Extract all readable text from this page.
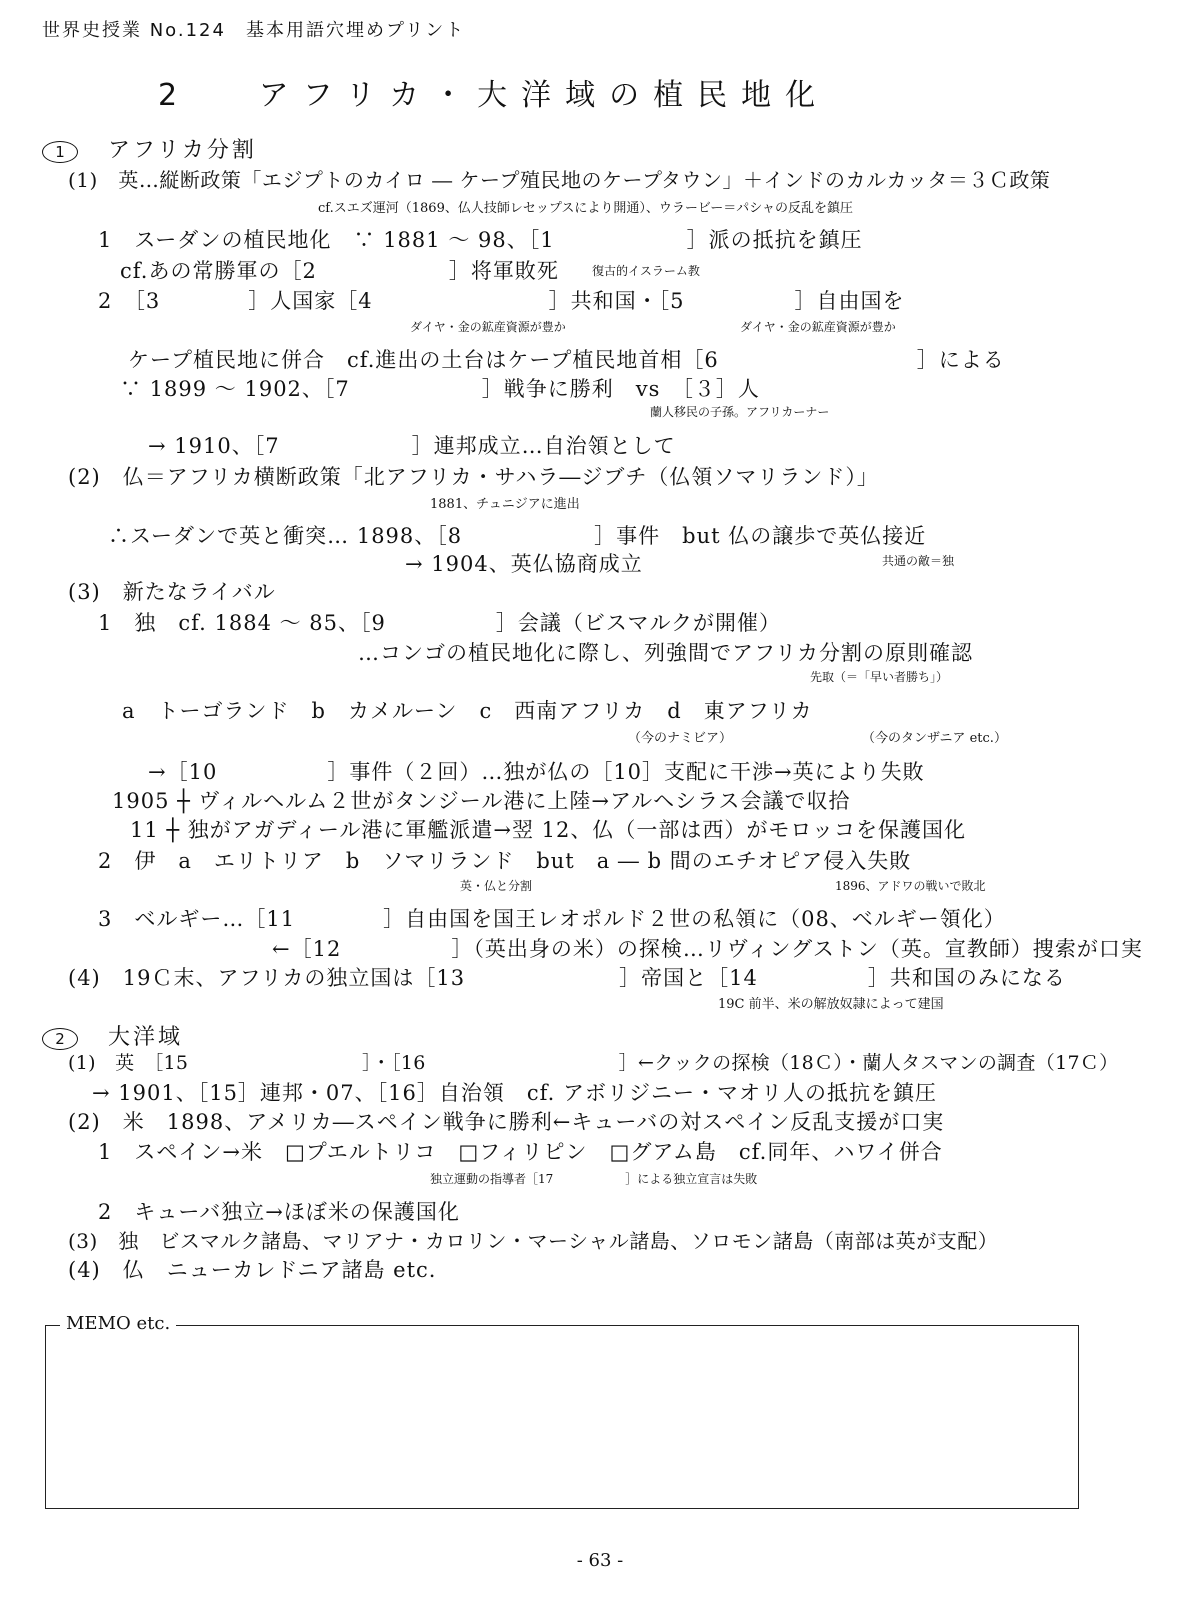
世界史授業 No.124　基本用語穴埋めプリント
2　 アフリカ・大洋域の植民地化
1 アフリカ分割
(1)　英…縦断政策「エジプトのカイロ ― ケープ殖民地のケープタウン」＋インドのカルカッタ＝３Ｃ政策
cf.スエズ運河（1869、仏人技師レセップスにより開通）、ウラービー＝パシャの反乱を鎮圧
1　スーダンの植民地化　∵ 1881 〜 98、［1　　　　　　］派の抵抗を鎮圧
cf.あの常勝軍の［2　　　　　　］将軍敗死	復古的イスラーム教
2　［3　　　　］人国家［4　　　　　　　　］共和国・［5　　　　　］自由国を
ダイヤ・金の鉱産資源が豊か	ダイヤ・金の鉱産資源が豊か
ケープ植民地に併合　cf.進出の土台はケープ植民地首相［6　　　　　　　　　］による
∵ 1899 〜 1902、［7　　　　　　］戦争に勝利　vs　［３］人
蘭人移民の子孫。アフリカーナー
→ 1910、［7　　　　　　］連邦成立…自治領として
(2)　仏＝アフリカ横断政策「北アフリカ・サハラ―ジブチ（仏領ソマリランド）」
1881、チュニジアに進出
∴スーダンで英と衝突… 1898、［8　　　　　　］事件　but 仏の譲歩で英仏接近
→ 1904、英仏協商成立	共通の敵＝独
(3)　新たなライバル
1　独　cf. 1884 〜 85、［9　　　　　］会議（ビスマルクが開催）
…コンゴの植民地化に際し、列強間でアフリカ分割の原則確認
先取（＝「早い者勝ち」）
a　トーゴランド　b　カメルーン　c　西南アフリカ　d　東アフリカ
（今のナミビア）	（今のタンザニア etc.）
→［10　　　　　］事件（２回）…独が仏の［10］支配に干渉→英により失敗
1905 ┼ ヴィルヘルム２世がタンジール港に上陸→アルヘシラス会議で収拾
11 ┼ 独がアガディール港に軍艦派遣→翌 12、仏（一部は西）がモロッコを保護国化
2　伊　a　エリトリア　b　ソマリランド　but　a ― b 間のエチオピア侵入失敗
英・仏と分割	1896、アドワの戦いで敗北
3　ベルギー…［11　　　　］自由国を国王レオポルド２世の私領に（08、ベルギー領化）
←［12　　　　　］（英出身の米）の探検…リヴィングストン（英。宣教師）捜索が口実
(4)　19Ｃ末、アフリカの独立国は［13　　　　　　　］帝国と［14　　　　　］共和国のみになる
19C 前半、米の解放奴隷によって建国
2 大洋域
(1)　英　［15　　　　　　　　　］・［16　　　　　　　　　　］←クックの探検（18Ｃ）・蘭人タスマンの調査（17Ｃ）
→ 1901、［15］連邦・07、［16］自治領　cf. アボリジニー・マオリ人の抵抗を鎮圧
(2)　米　1898、アメリカ―スペイン戦争に勝利←キューバの対スペイン反乱支援が口実
1　スペイン→米　□プエルトリコ　□フィリピン　□グアム島　cf.同年、ハワイ併合
独立運動の指導者［17　　　　　　］による独立宣言は失敗
2　キューバ独立→ほぼ米の保護国化
(3)　独　ビスマルク諸島、マリアナ・カロリン・マーシャル諸島、ソロモン諸島（南部は英が支配）
(4)　仏　ニューカレドニア諸島 etc.
MEMO etc.
- 63 -
